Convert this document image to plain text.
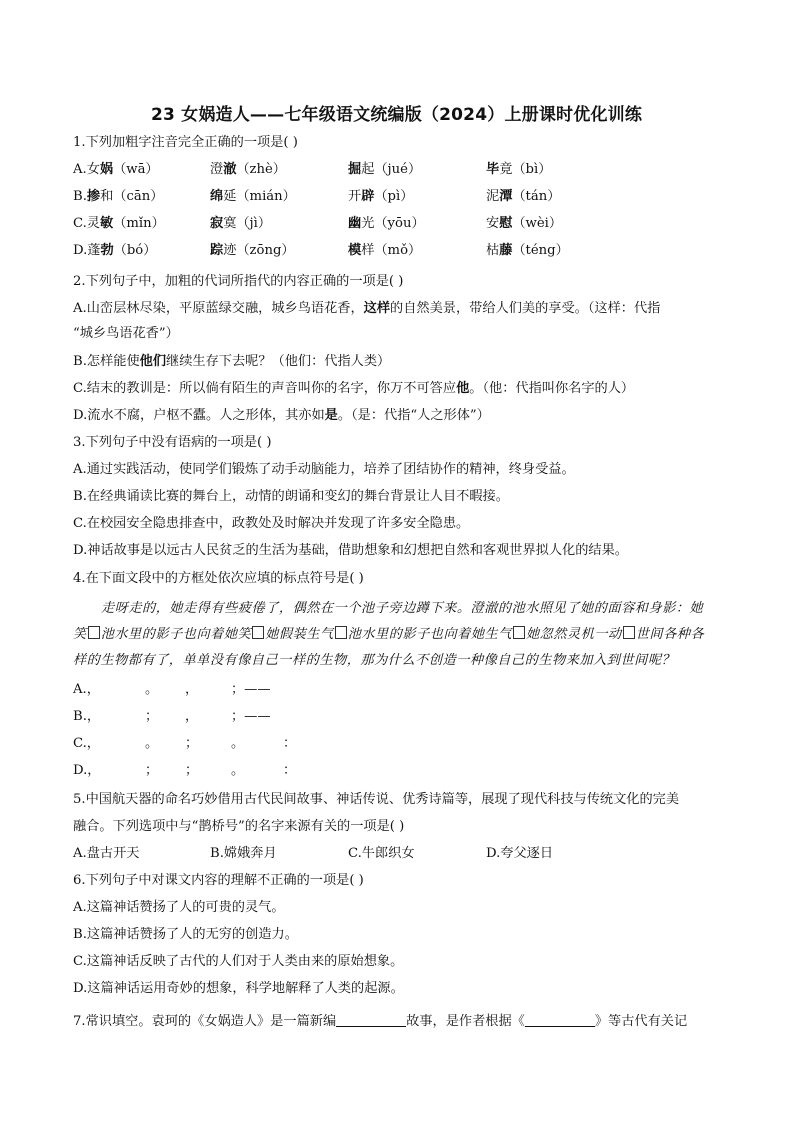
23 女娲造人——七年级语文统编版（2024）上册课时优化训练
1.下列加粗字注音完全正确的一项是( )
A.女娲（wā）	澄澈（zhè）	掘起（jué）	毕竟（bì）
B.掺和（cān）	绵延（mián）	开辟（pì）	泥潭（tán）
C.灵敏（mǐn）	寂寞（jì）	幽光（yōu）	安慰（wèi）
D.蓬勃（bó）	踪迹（zōng）	模样（mǒ）	枯藤（téng）
2.下列句子中，加粗的代词所指代的内容正确的一项是( )
A.山峦层林尽染，平原蓝绿交融，城乡鸟语花香，这样的自然美景，带给人们美的享受。（这样：代指
“城乡鸟语花香”）
B.怎样能使他们继续生存下去呢？（他们：代指人类）
C.结末的教训是：所以倘有陌生的声音叫你的名字，你万不可答应他。（他：代指叫你名字的人）
D.流水不腐，户枢不蠹。人之形体，其亦如是。（是：代指“人之形体”）
3.下列句子中没有语病的一项是( )
A.通过实践活动，使同学们锻炼了动手动脑能力，培养了团结协作的精神，终身受益。
B.在经典诵读比赛的舞台上，动情的朗诵和变幻的舞台背景让人目不暇接。
C.在校园安全隐患排查中，政教处及时解决并发现了许多安全隐患。
D.神话故事是以远古人民贫乏的生活为基础，借助想象和幻想把自然和客观世界拟人化的结果。
4.在下面文段中的方框处依次应填的标点符号是( )
走呀走的，她走得有些疲倦了，偶然在一个池子旁边蹲下来。澄澈的池水照见了她的面容和身影：她
笑 池水里的影子也向着她笑 她假装生气 池水里的影子也向着她生气 她忽然灵机一动 世间各种各
样的生物都有了，单单没有像自己一样的生物，那为什么不创造一种像自己的生物来加入到世间呢？
A.，	。 ， ；——
B.，	； ， ；——
C.，	。 ； 。	：
D.，	； ； 。	：
5.中国航天器的命名巧妙借用古代民间故事、神话传说、优秀诗篇等，展现了现代科技与传统文化的完美
融合。下列选项中与“鹊桥号”的名字来源有关的一项是( )
A.盘古开天	B.嫦娥奔月	C.牛郎织女	D.夸父逐日
6.下列句子中对课文内容的理解不正确的一项是( )
A.这篇神话赞扬了人的可贵的灵气。
B.这篇神话赞扬了人的无穷的创造力。
C.这篇神话反映了古代的人们对于人类由来的原始想象。
D.这篇神话运用奇妙的想象，科学地解释了人类的起源。
7.常识填空。袁珂的《女娲造人》是一篇新编	故事，是作者根据《	》等古代有关记
